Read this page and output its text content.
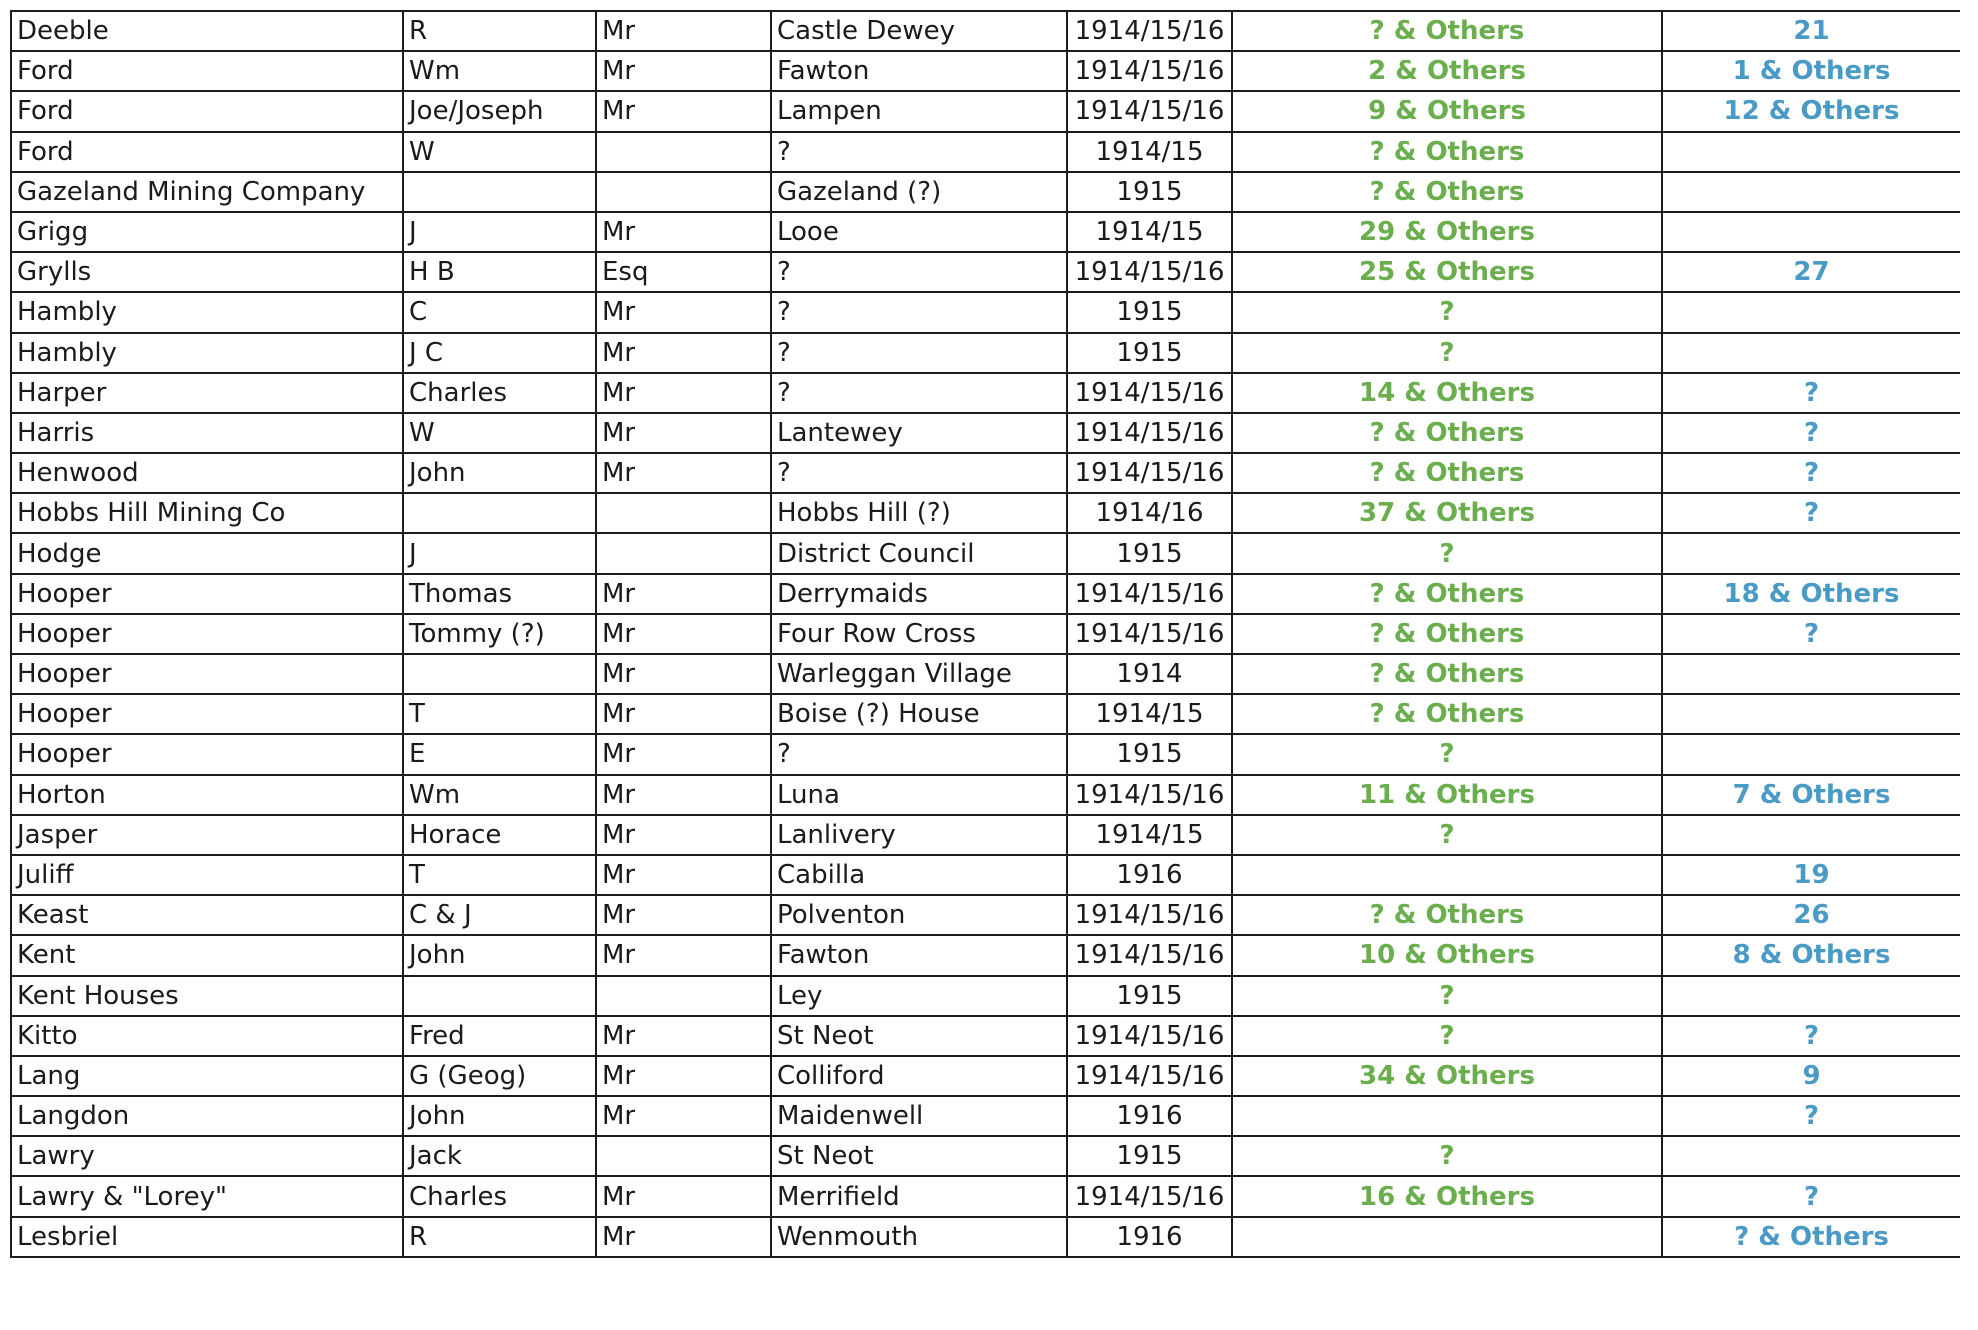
Deeble	R	Mr	Castle Dewey	1914/15/16	? & Others	21
Ford	Wm	Mr	Fawton	1914/15/16	2 & Others	1 & Others
Ford	Joe/Joseph	Mr	Lampen	1914/15/16	9 & Others	12 & Others
Ford	W		?	1914/15	? & Others	
Gazeland Mining Company			Gazeland (?)	1915	? & Others	
Grigg	J	Mr	Looe	1914/15	29 & Others	
Grylls	H B	Esq	?	1914/15/16	25 & Others	27
Hambly	C	Mr	?	1915	?	
Hambly	J C	Mr	?	1915	?	
Harper	Charles	Mr	?	1914/15/16	14 & Others	?
Harris	W	Mr	Lantewey	1914/15/16	? & Others	?
Henwood	John	Mr	?	1914/15/16	? & Others	?
Hobbs Hill Mining Co			Hobbs Hill (?)	1914/16	37 & Others	?
Hodge	J		District Council	1915	?	
Hooper	Thomas	Mr	Derrymaids	1914/15/16	? & Others	18 & Others
Hooper	Tommy (?)	Mr	Four Row Cross	1914/15/16	? & Others	?
Hooper		Mr	Warleggan Village	1914	? & Others	
Hooper	T	Mr	Boise (?) House	1914/15	? & Others	
Hooper	E	Mr	?	1915	?	
Horton	Wm	Mr	Luna	1914/15/16	11 & Others	7 & Others
Jasper	Horace	Mr	Lanlivery	1914/15	?	
Juliff	T	Mr	Cabilla	1916		19
Keast	C & J	Mr	Polventon	1914/15/16	? & Others	26
Kent	John	Mr	Fawton	1914/15/16	10 & Others	8 & Others
Kent Houses			Ley	1915	?	
Kitto	Fred	Mr	St Neot	1914/15/16	?	?
Lang	G (Geog)	Mr	Colliford	1914/15/16	34 & Others	9
Langdon	John	Mr	Maidenwell	1916		?
Lawry	Jack		St Neot	1915	?	
Lawry & "Lorey"	Charles	Mr	Merrifield	1914/15/16	16 & Others	?
Lesbriel	R	Mr	Wenmouth	1916		? & Others
